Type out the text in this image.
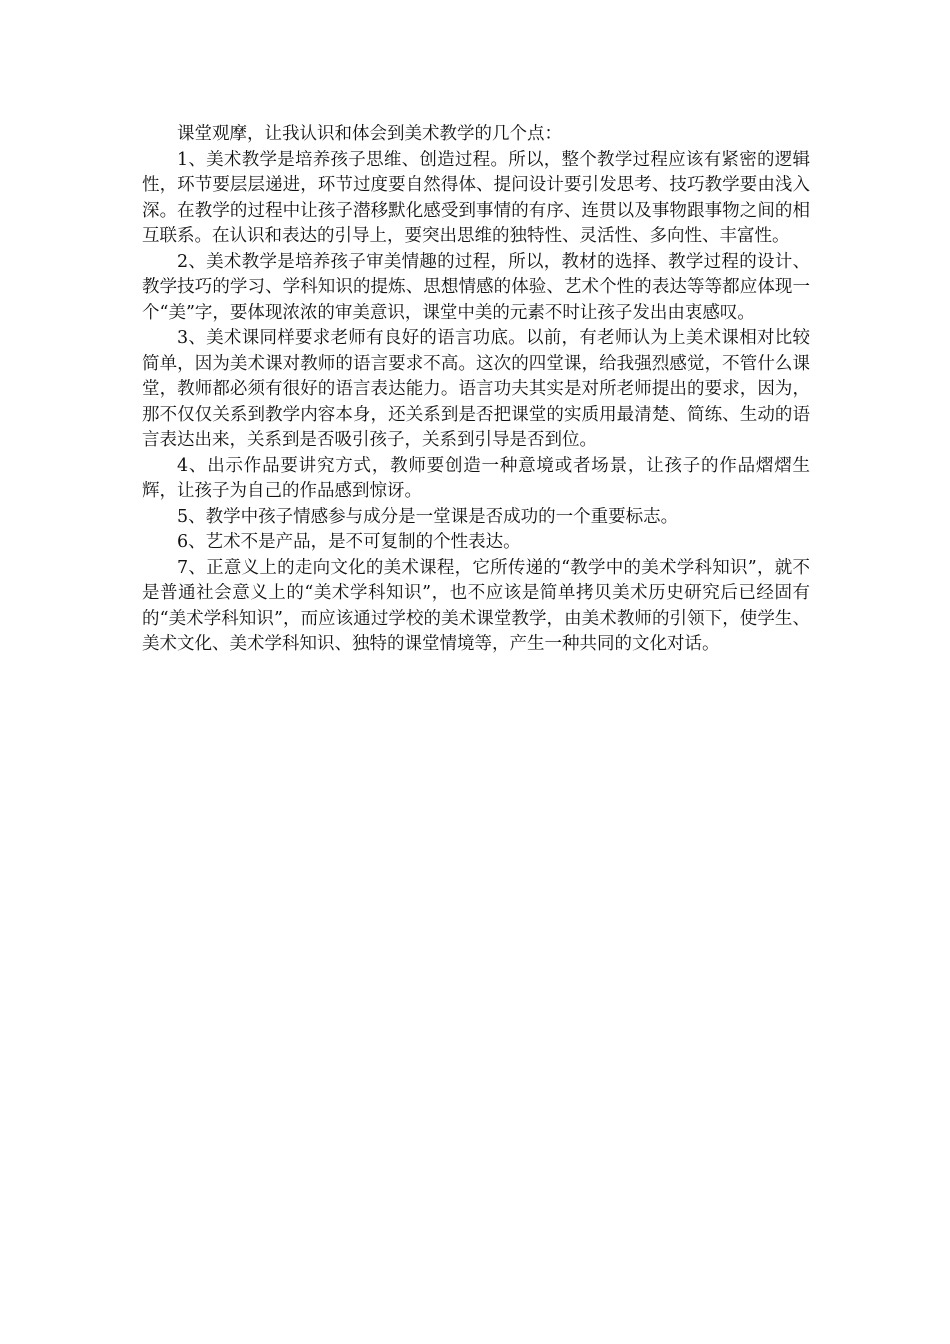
课堂观摩，让我认识和体会到美术教学的几个点：

1、美术教学是培养孩子思维、创造过程。所以，整个教学过程应该有紧密的逻辑性，环节要层层递进，环节过度要自然得体、提问设计要引发思考、技巧教学要由浅入深。在教学的过程中让孩子潜移默化感受到事情的有序、连贯以及事物跟事物之间的相互联系。在认识和表达的引导上，要突出思维的独特性、灵活性、多向性、丰富性。

2、美术教学是培养孩子审美情趣的过程，所以，教材的选择、教学过程的设计、教学技巧的学习、学科知识的提炼、思想情感的体验、艺术个性的表达等等都应体现一个“美”字，要体现浓浓的审美意识，课堂中美的元素不时让孩子发出由衷感叹。

3、美术课同样要求老师有良好的语言功底。以前，有老师认为上美术课相对比较简单，因为美术课对教师的语言要求不高。这次的四堂课，给我强烈感觉，不管什么课堂，教师都必须有很好的语言表达能力。语言功夫其实是对所老师提出的要求，因为，那不仅仅关系到教学内容本身，还关系到是否把课堂的实质用最清楚、简练、生动的语言表达出来，关系到是否吸引孩子，关系到引导是否到位。

4、出示作品要讲究方式，教师要创造一种意境或者场景，让孩子的作品熠熠生辉，让孩子为自己的作品感到惊讶。

5、教学中孩子情感参与成分是一堂课是否成功的一个重要标志。

6、艺术不是产品，是不可复制的个性表达。

7、正意义上的走向文化的美术课程，它所传递的“教学中的美术学科知识”，就不是普通社会意义上的“美术学科知识”，也不应该是简单拷贝美术历史研究后已经固有的“美术学科知识”，而应该通过学校的美术课堂教学，由美术教师的引领下，使学生、美术文化、美术学科知识、独特的课堂情境等，产生一种共同的文化对话。
